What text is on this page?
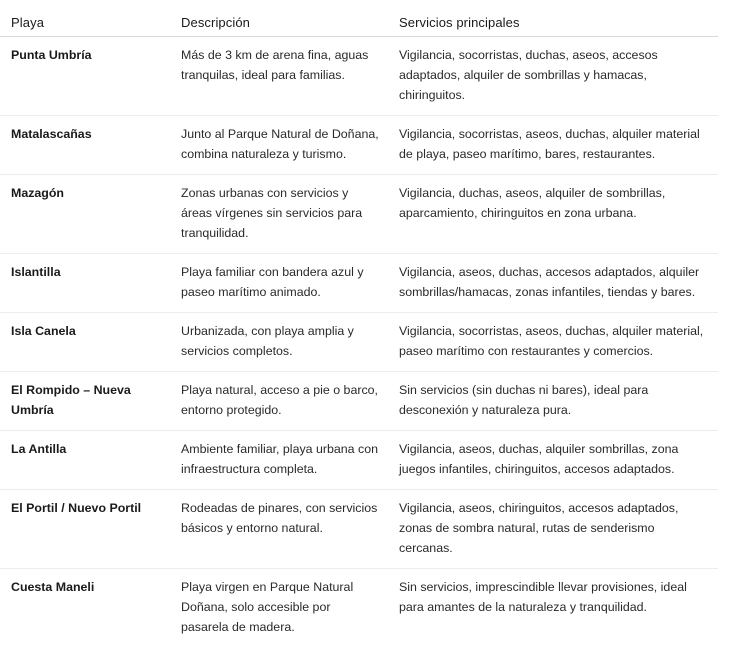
Playa	Descripción	Servicios principales
Punta Umbría	Más de 3 km de arena fina, aguas tranquilas, ideal para familias.	Vigilancia, socorristas, duchas, aseos, accesos adaptados, alquiler de sombrillas y hamacas, chiringuitos.
Matalascañas	Junto al Parque Natural de Doñana, combina naturaleza y turismo.	Vigilancia, socorristas, aseos, duchas, alquiler material de playa, paseo marítimo, bares, restaurantes.
Mazagón	Zonas urbanas con servicios y áreas vírgenes sin servicios para tranquilidad.	Vigilancia, duchas, aseos, alquiler de sombrillas, aparcamiento, chiringuitos en zona urbana.
Islantilla	Playa familiar con bandera azul y paseo marítimo animado.	Vigilancia, aseos, duchas, accesos adaptados, alquiler sombrillas/hamacas, zonas infantiles, tiendas y bares.
Isla Canela	Urbanizada, con playa amplia y servicios completos.	Vigilancia, socorristas, aseos, duchas, alquiler material, paseo marítimo con restaurantes y comercios.
El Rompido – Nueva Umbría	Playa natural, acceso a pie o barco, entorno protegido.	Sin servicios (sin duchas ni bares), ideal para desconexión y naturaleza pura.
La Antilla	Ambiente familiar, playa urbana con infraestructura completa.	Vigilancia, aseos, duchas, alquiler sombrillas, zona juegos infantiles, chiringuitos, accesos adaptados.
El Portil / Nuevo Portil	Rodeadas de pinares, con servicios básicos y entorno natural.	Vigilancia, aseos, chiringuitos, accesos adaptados, zonas de sombra natural, rutas de senderismo cercanas.
Cuesta Maneli	Playa virgen en Parque Natural Doñana, solo accesible por pasarela de madera.	Sin servicios, imprescindible llevar provisiones, ideal para amantes de la naturaleza y tranquilidad.
